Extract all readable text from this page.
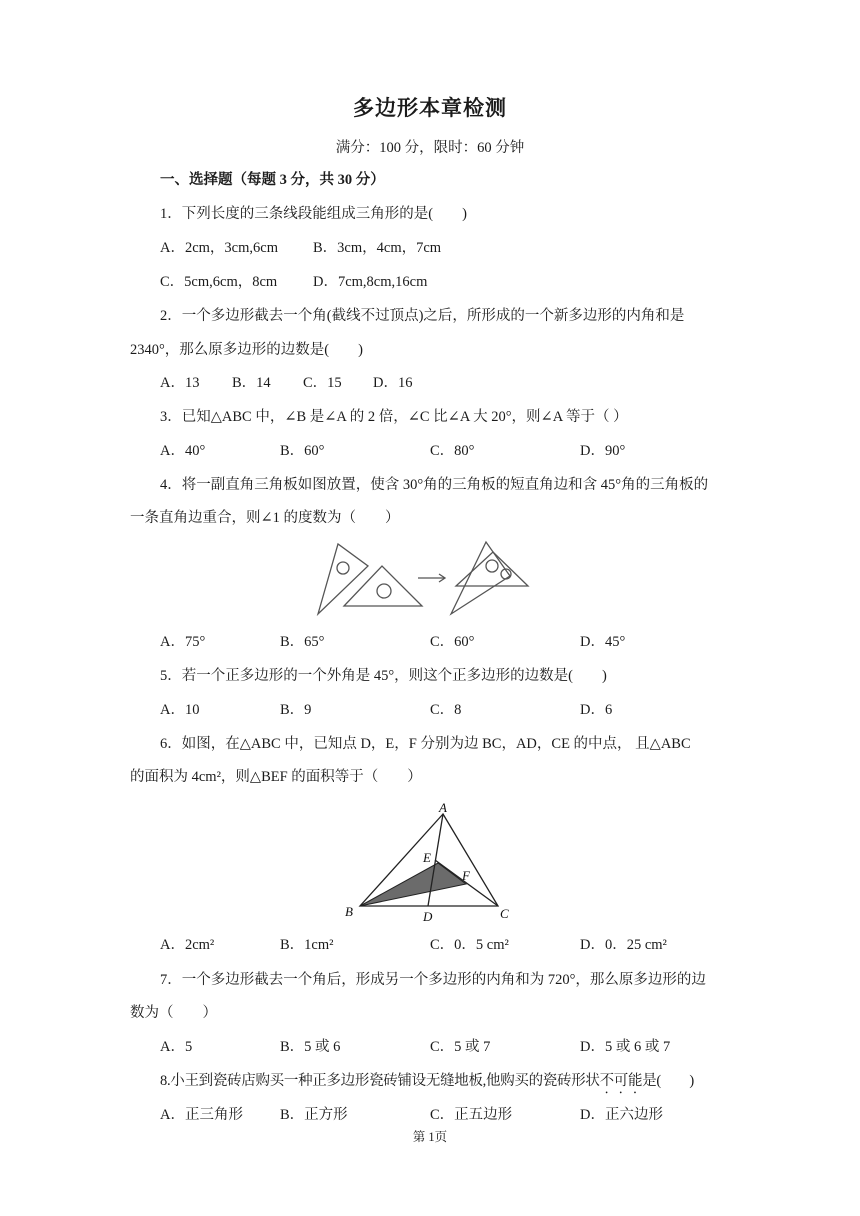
多边形本章检测
满分：100 分，限时：60 分钟
一、选择题（每题 3 分，共 30 分）
1．下列长度的三条线段能组成三角形的是(　　)
A．2cm，3cm,6cm B．3cm，4cm，7cm
C．5cm,6cm，8cm D．7cm,8cm,16cm
2．一个多边形截去一个角(截线不过顶点)之后，所形成的一个新多边形的内角和是
2340°，那么原多边形的边数是(　　)
A．13 B．14 C．15 D．16
3．已知△ABC 中，∠B 是∠A 的 2 倍，∠C 比∠A 大 20°，则∠A 等于（ ）
A．40°	B．60°	C．80°	D．90°
4．将一副直角三角板如图放置，使含 30°角的三角板的短直角边和含 45°角的三角板的
一条直角边重合，则∠1 的度数为（　　）
A．75°	B．65°	C．60°	D．45°
5．若一个正多边形的一个外角是 45°，则这个正多边形的边数是(　　)
A．10	B．9	C．8	D．6
6．如图，在△ABC 中，已知点 D，E，F 分别为边 BC，AD，CE 的中点， 且△ABC
的面积为 4cm²，则△BEF 的面积等于（　　）
A
B	C
D
E
F
A．2cm²	B．1cm²	C．0．5 cm²	D．0．25 cm²
7．一个多边形截去一个角后，形成另一个多边形的内角和为 720°，那么原多边形的边
数为（　　）
A．5	B．5 或 6	C．5 或 7	D．5 或 6 或 7
8.小王到瓷砖店购买一种正多边形瓷砖铺设无缝地板,他购买的瓷砖形状不可能是(　　)
A．正三角形	B．正方形	C．正五边形	D．正六边形
第 1页
